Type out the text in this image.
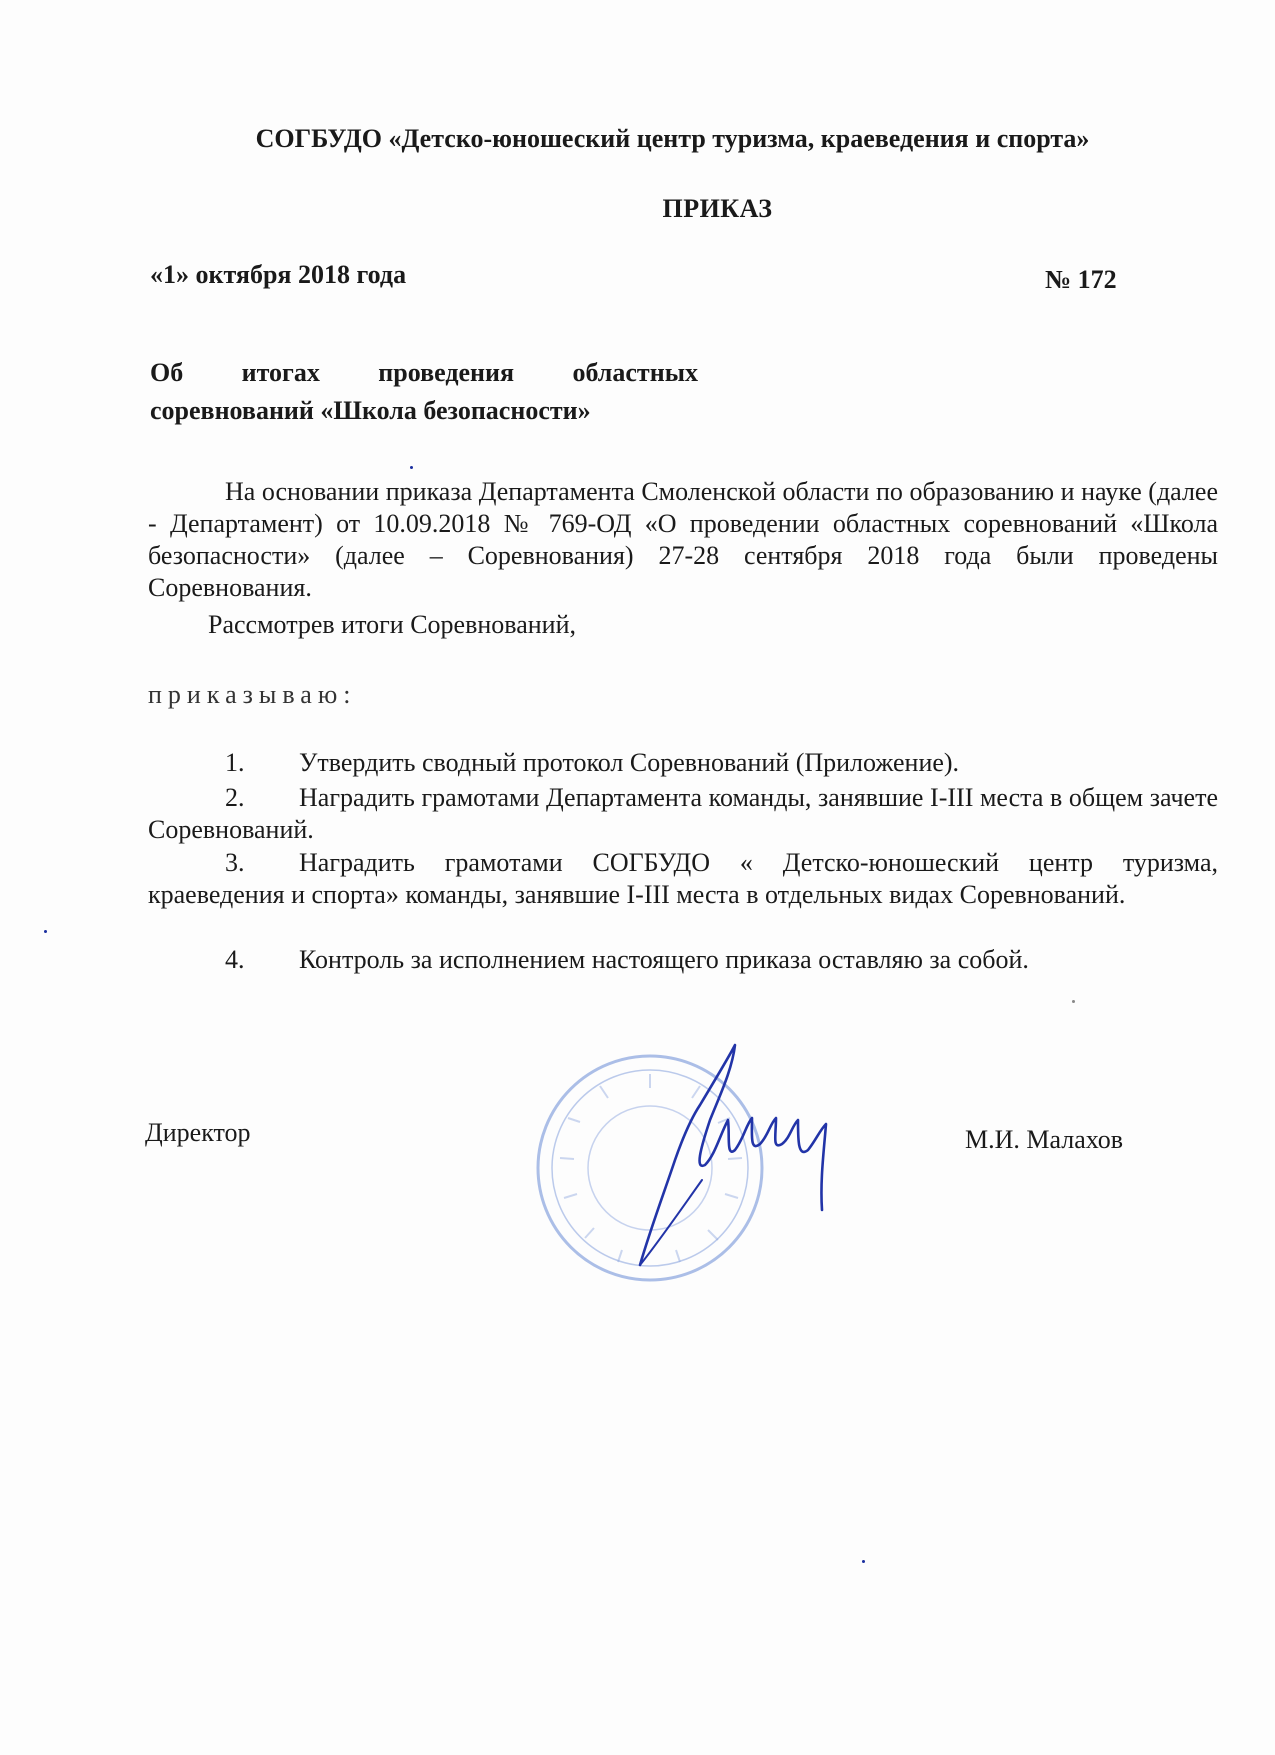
СОГБУДО «Детско-юношеский центр туризма, краеведения и спорта»
ПРИКАЗ
«1» октября 2018 года	№ 172
Об итогах проведения областных
соревнований «Школа безопасности»
На основании приказа Департамента Смоленской области по образованию и науке (далее - Департамент) от 10.09.2018 № 769-ОД «О проведении областных соревнований «Школа безопасности» (далее – Соревнования) 27-28 сентября 2018 года были проведены Соревнования.
Рассмотрев итоги Соревнований,
приказываю:
1. Утвердить сводный протокол Соревнований (Приложение).
2. Наградить грамотами Департамента команды, занявшие I-III места в общем зачете Соревнований.
3. Наградить грамотами СОГБУДО « Детско-юношеский центр туризма, краеведения и спорта» команды, занявшие I-III места в отдельных видах Соревнований.
4. Контроль за исполнением настоящего приказа оставляю за собой.
Директор	М.И. Малахов
